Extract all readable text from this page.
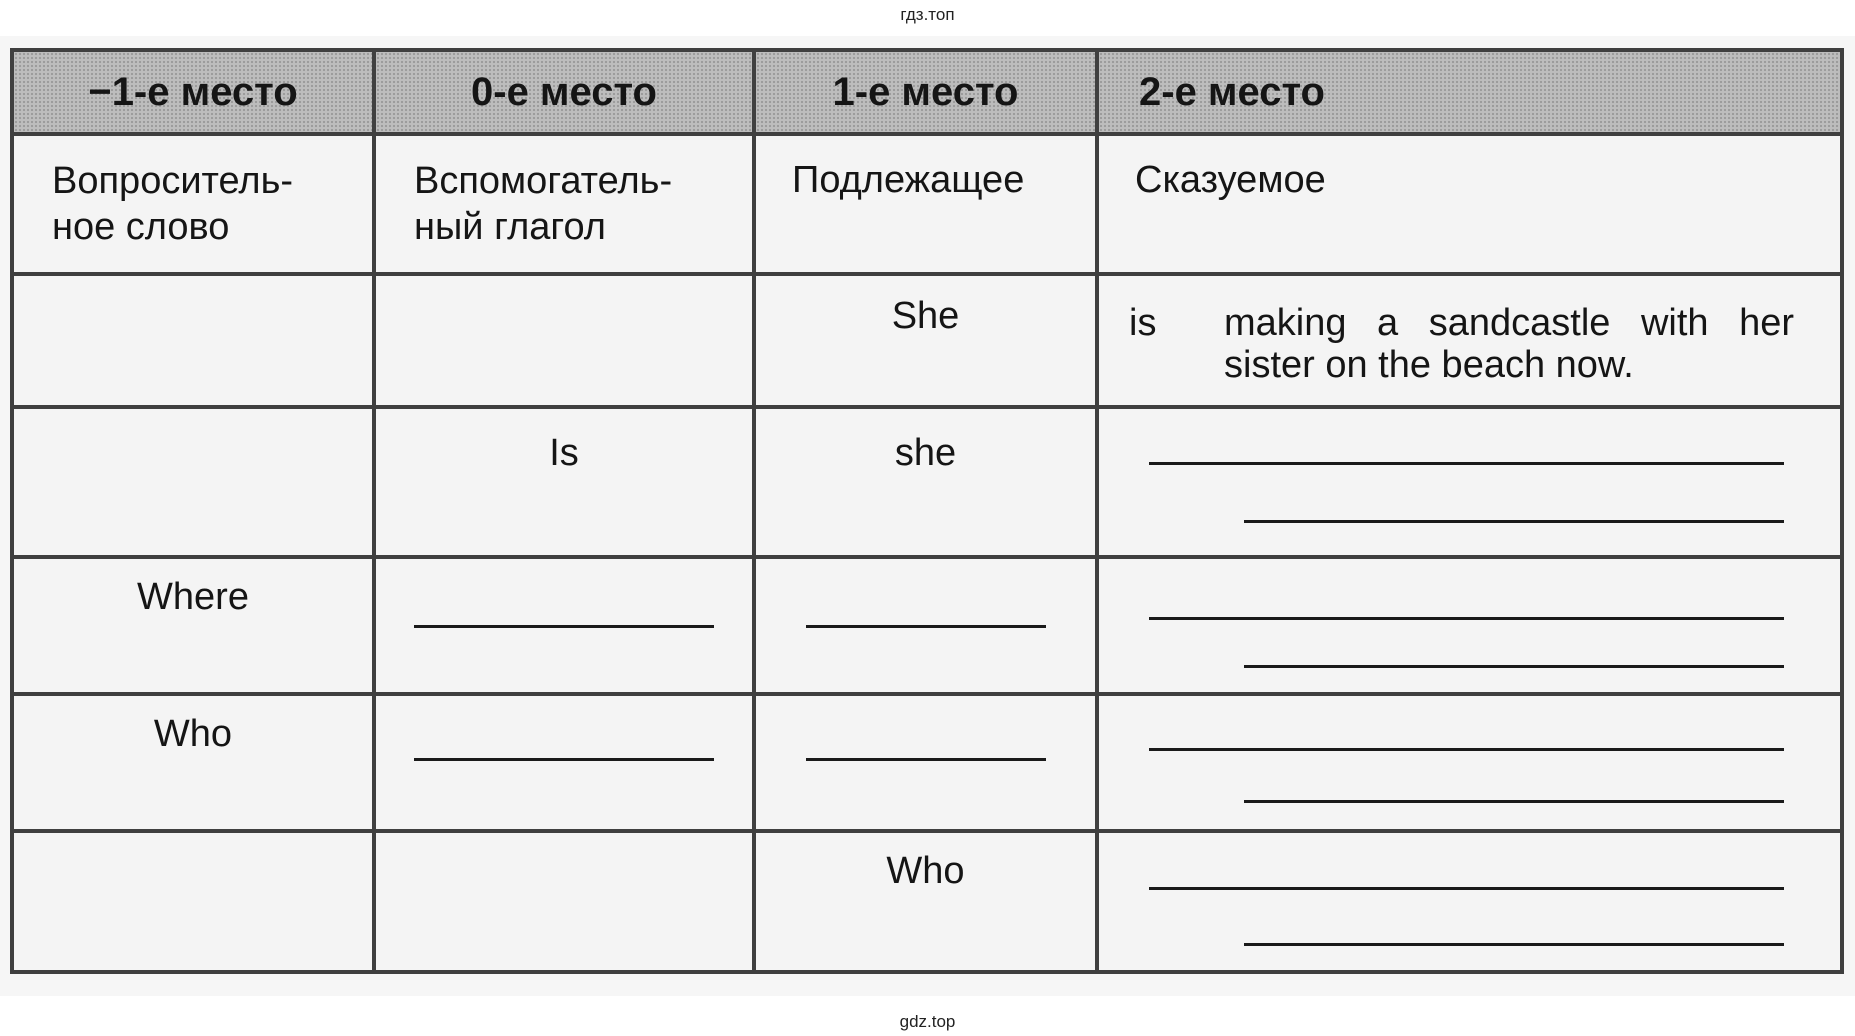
гдз.топ
−1-е место	0-е место	1-е место	2-е место

Вопроситель-
ное слово	Вспомогатель-
ный глагол	Подлежащее	Сказуемое

		She	is making a sandcastle with her sister on the beach now.

	Is	she	

Where			

Who			

		Who	

gdz.top
